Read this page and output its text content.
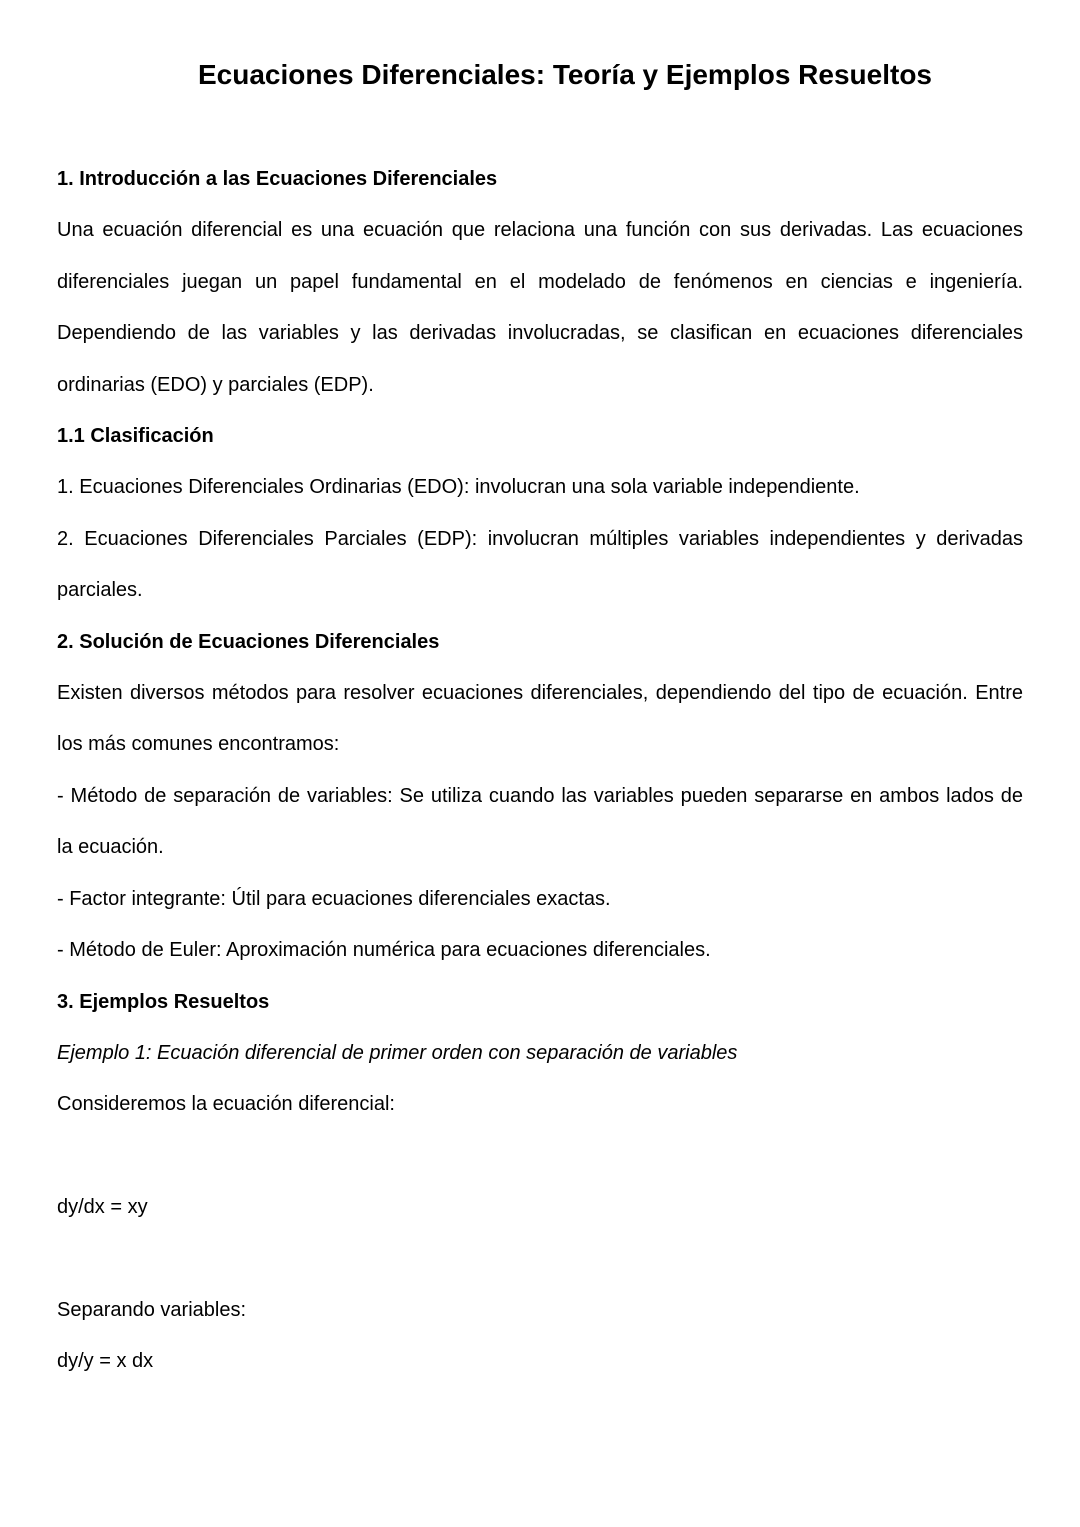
Ecuaciones Diferenciales: Teoría y Ejemplos Resueltos

1. Introducción a las Ecuaciones Diferenciales

Una ecuación diferencial es una ecuación que relaciona una función con sus derivadas. Las ecuaciones diferenciales juegan un papel fundamental en el modelado de fenómenos en ciencias e ingeniería. Dependiendo de las variables y las derivadas involucradas, se clasifican en ecuaciones diferenciales ordinarias (EDO) y parciales (EDP).

1.1 Clasificación

1. Ecuaciones Diferenciales Ordinarias (EDO): involucran una sola variable independiente.

2. Ecuaciones Diferenciales Parciales (EDP): involucran múltiples variables independientes y derivadas parciales.

2. Solución de Ecuaciones Diferenciales

Existen diversos métodos para resolver ecuaciones diferenciales, dependiendo del tipo de ecuación. Entre los más comunes encontramos:

- Método de separación de variables: Se utiliza cuando las variables pueden separarse en ambos lados de la ecuación.

- Factor integrante: Útil para ecuaciones diferenciales exactas.

- Método de Euler: Aproximación numérica para ecuaciones diferenciales.

3. Ejemplos Resueltos

Ejemplo 1: Ecuación diferencial de primer orden con separación de variables

Consideremos la ecuación diferencial:

dy/dx = xy

Separando variables:

dy/y = x dx
